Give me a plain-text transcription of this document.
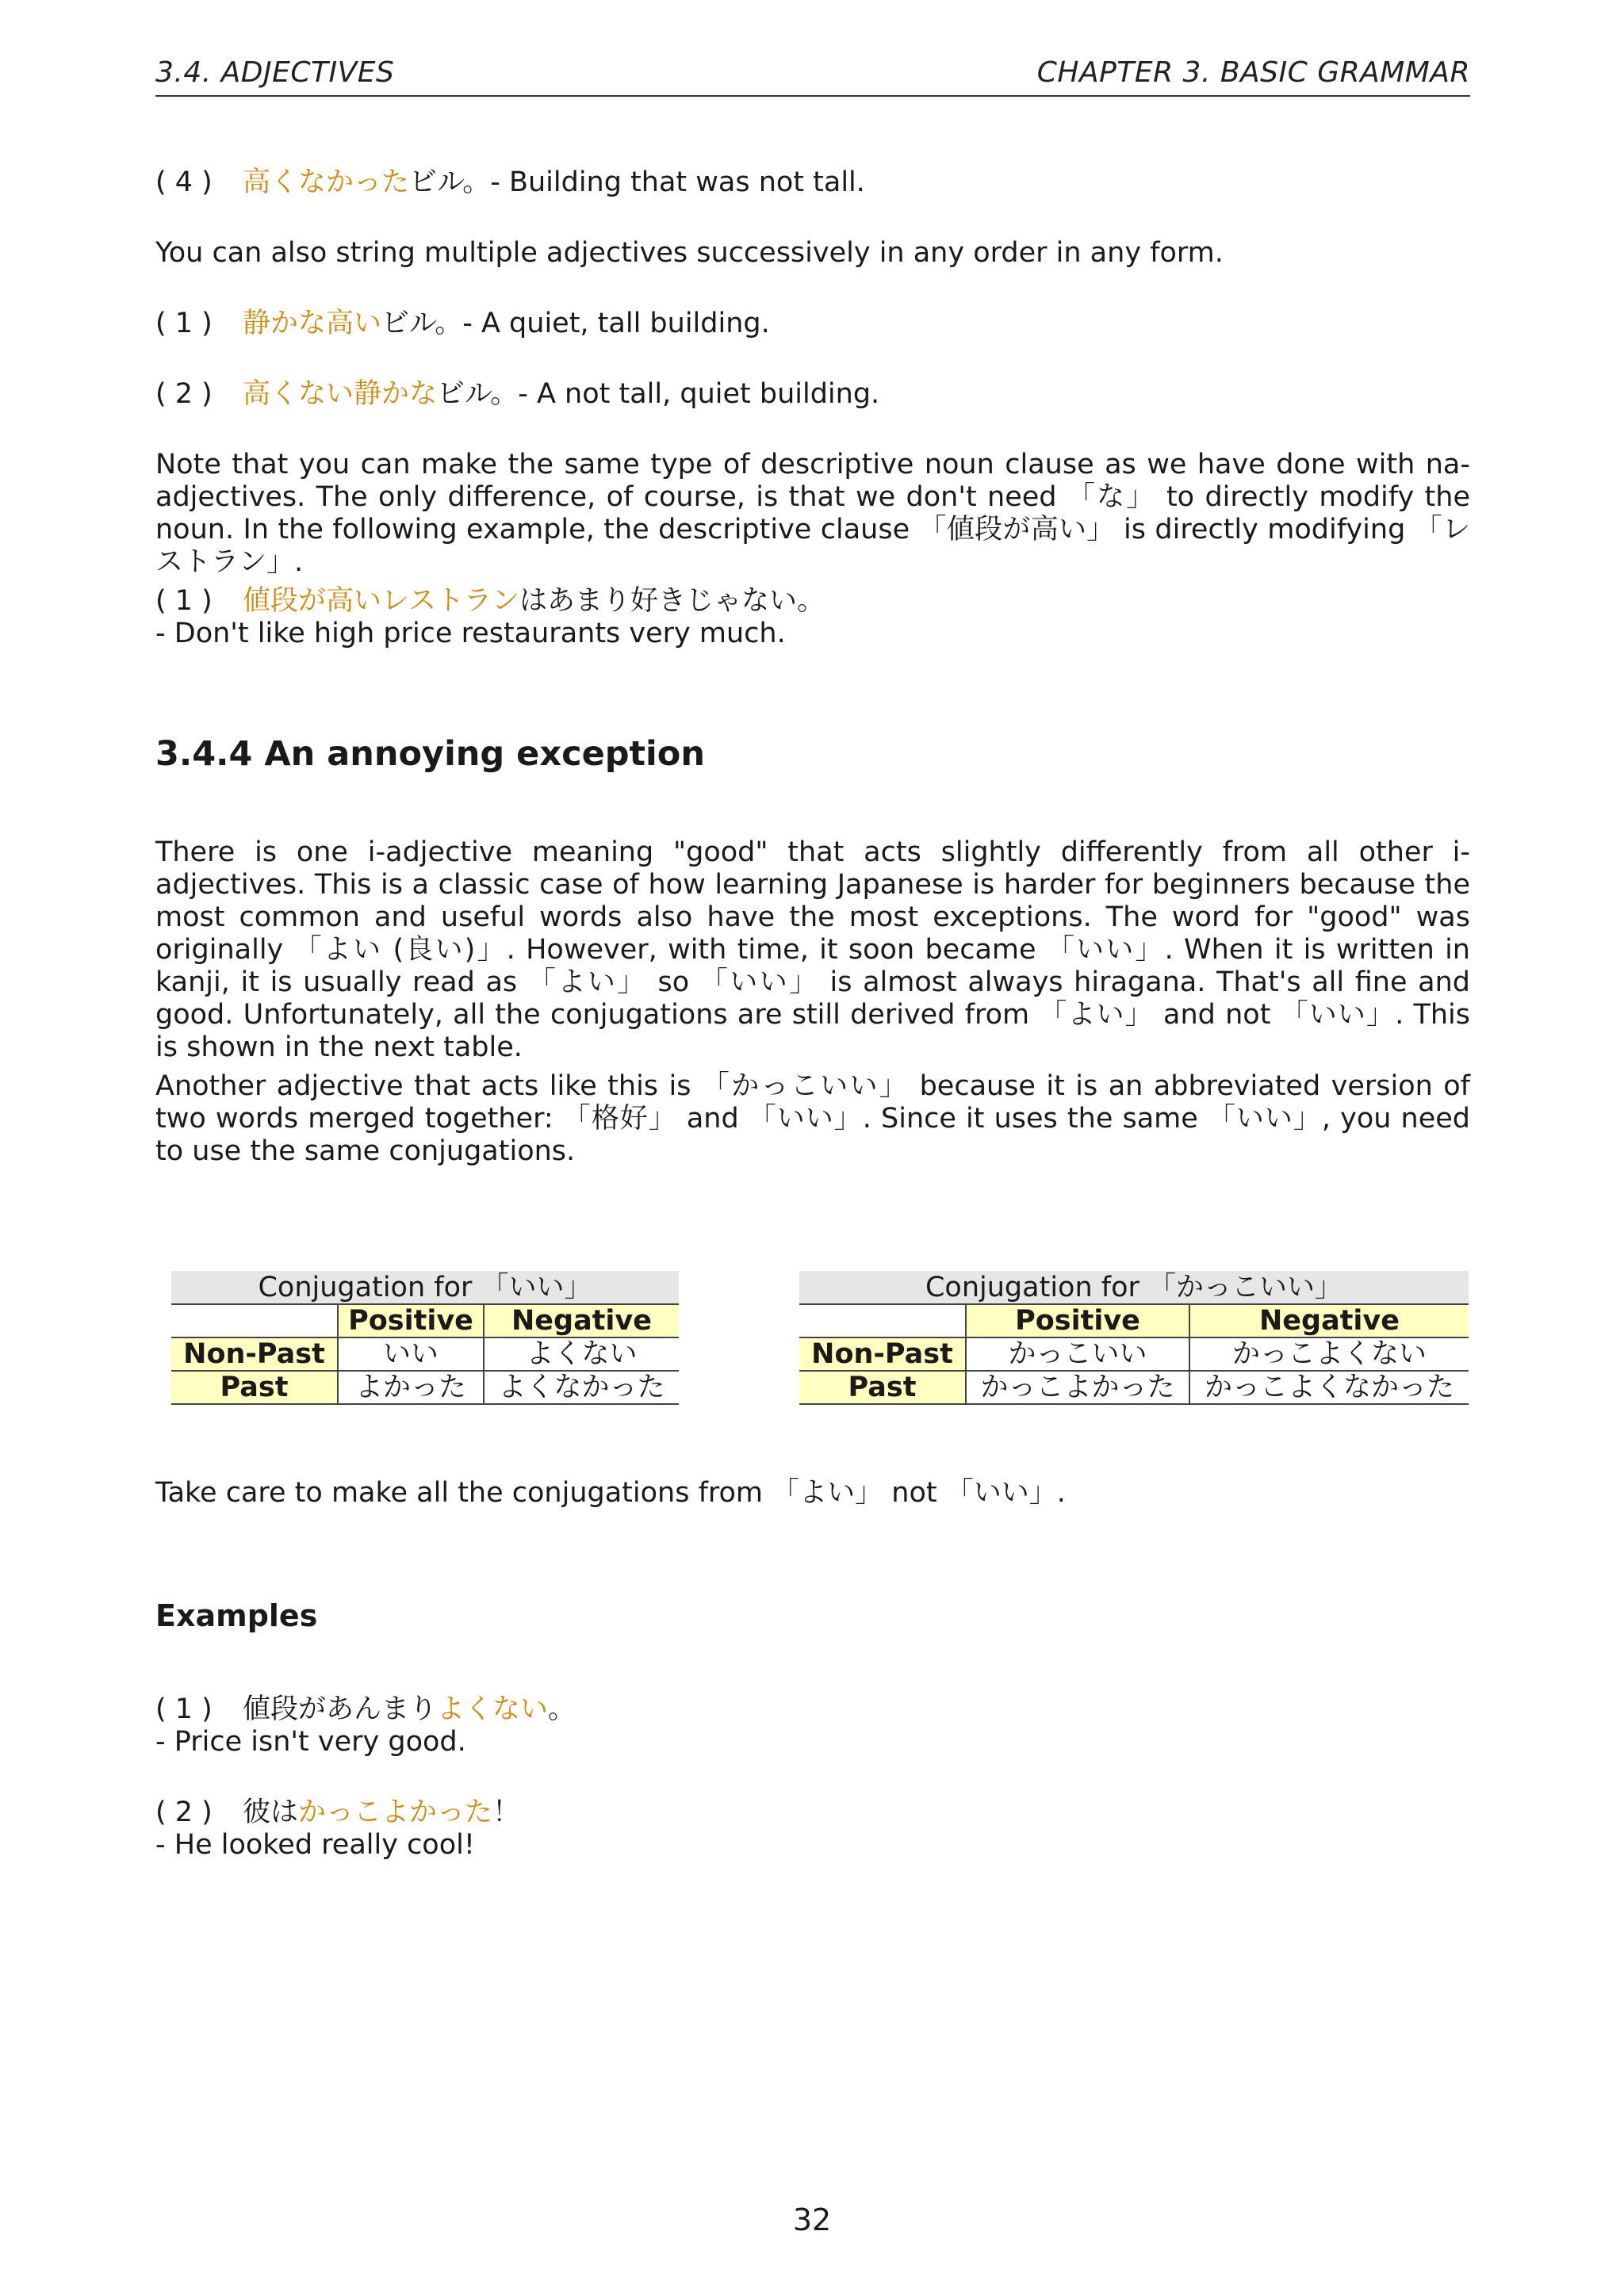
3.4. ADJECTIVES	CHAPTER 3. BASIC GRAMMAR
( 4 ) 高くなかったビル。- Building that was not tall.
You can also string multiple adjectives successively in any order in any form.
( 1 ) 静かな高いビル。- A quiet, tall building.
( 2 ) 高くない静かなビル。- A not tall, quiet building.
Note that you can make the same type of descriptive noun clause as we have done with na-adjectives. The only difference, of course, is that we don't need 「な」 to directly modify the noun. In the following example, the descriptive clause 「値段が高い」 is directly modifying 「レストラン」.
( 1 ) 値段が高いレストランはあまり好きじゃない。
- Don't like high price restaurants very much.
3.4.4 An annoying exception
There is one i-adjective meaning "good" that acts slightly differently from all other i-adjectives. This is a classic case of how learning Japanese is harder for beginners because the most common and useful words also have the most exceptions. The word for "good" was originally 「よい (良い)」. However, with time, it soon became 「いい」. When it is written in kanji, it is usually read as 「よい」 so 「いい」 is almost always hiragana. That's all fine and good. Unfortunately, all the conjugations are still derived from 「よい」 and not 「いい」. This is shown in the next table.
Another adjective that acts like this is 「かっこいい」 because it is an abbreviated version of two words merged together: 「格好」 and 「いい」. Since it uses the same 「いい」, you need to use the same conjugations.
Conjugation for 「いい」		
	Positive	Negative
Non-Past	いい	よくない
Past	よかった	よくなかった
Conjugation for 「かっこいい」		
	Positive	Negative
Non-Past	かっこいい	かっこよくない
Past	かっこよかった	かっこよくなかった
Take care to make all the conjugations from 「よい」 not 「いい」.
Examples
( 1 ) 値段があんまりよくない。
- Price isn't very good.
( 2 ) 彼はかっこよかった！
- He looked really cool!
32
